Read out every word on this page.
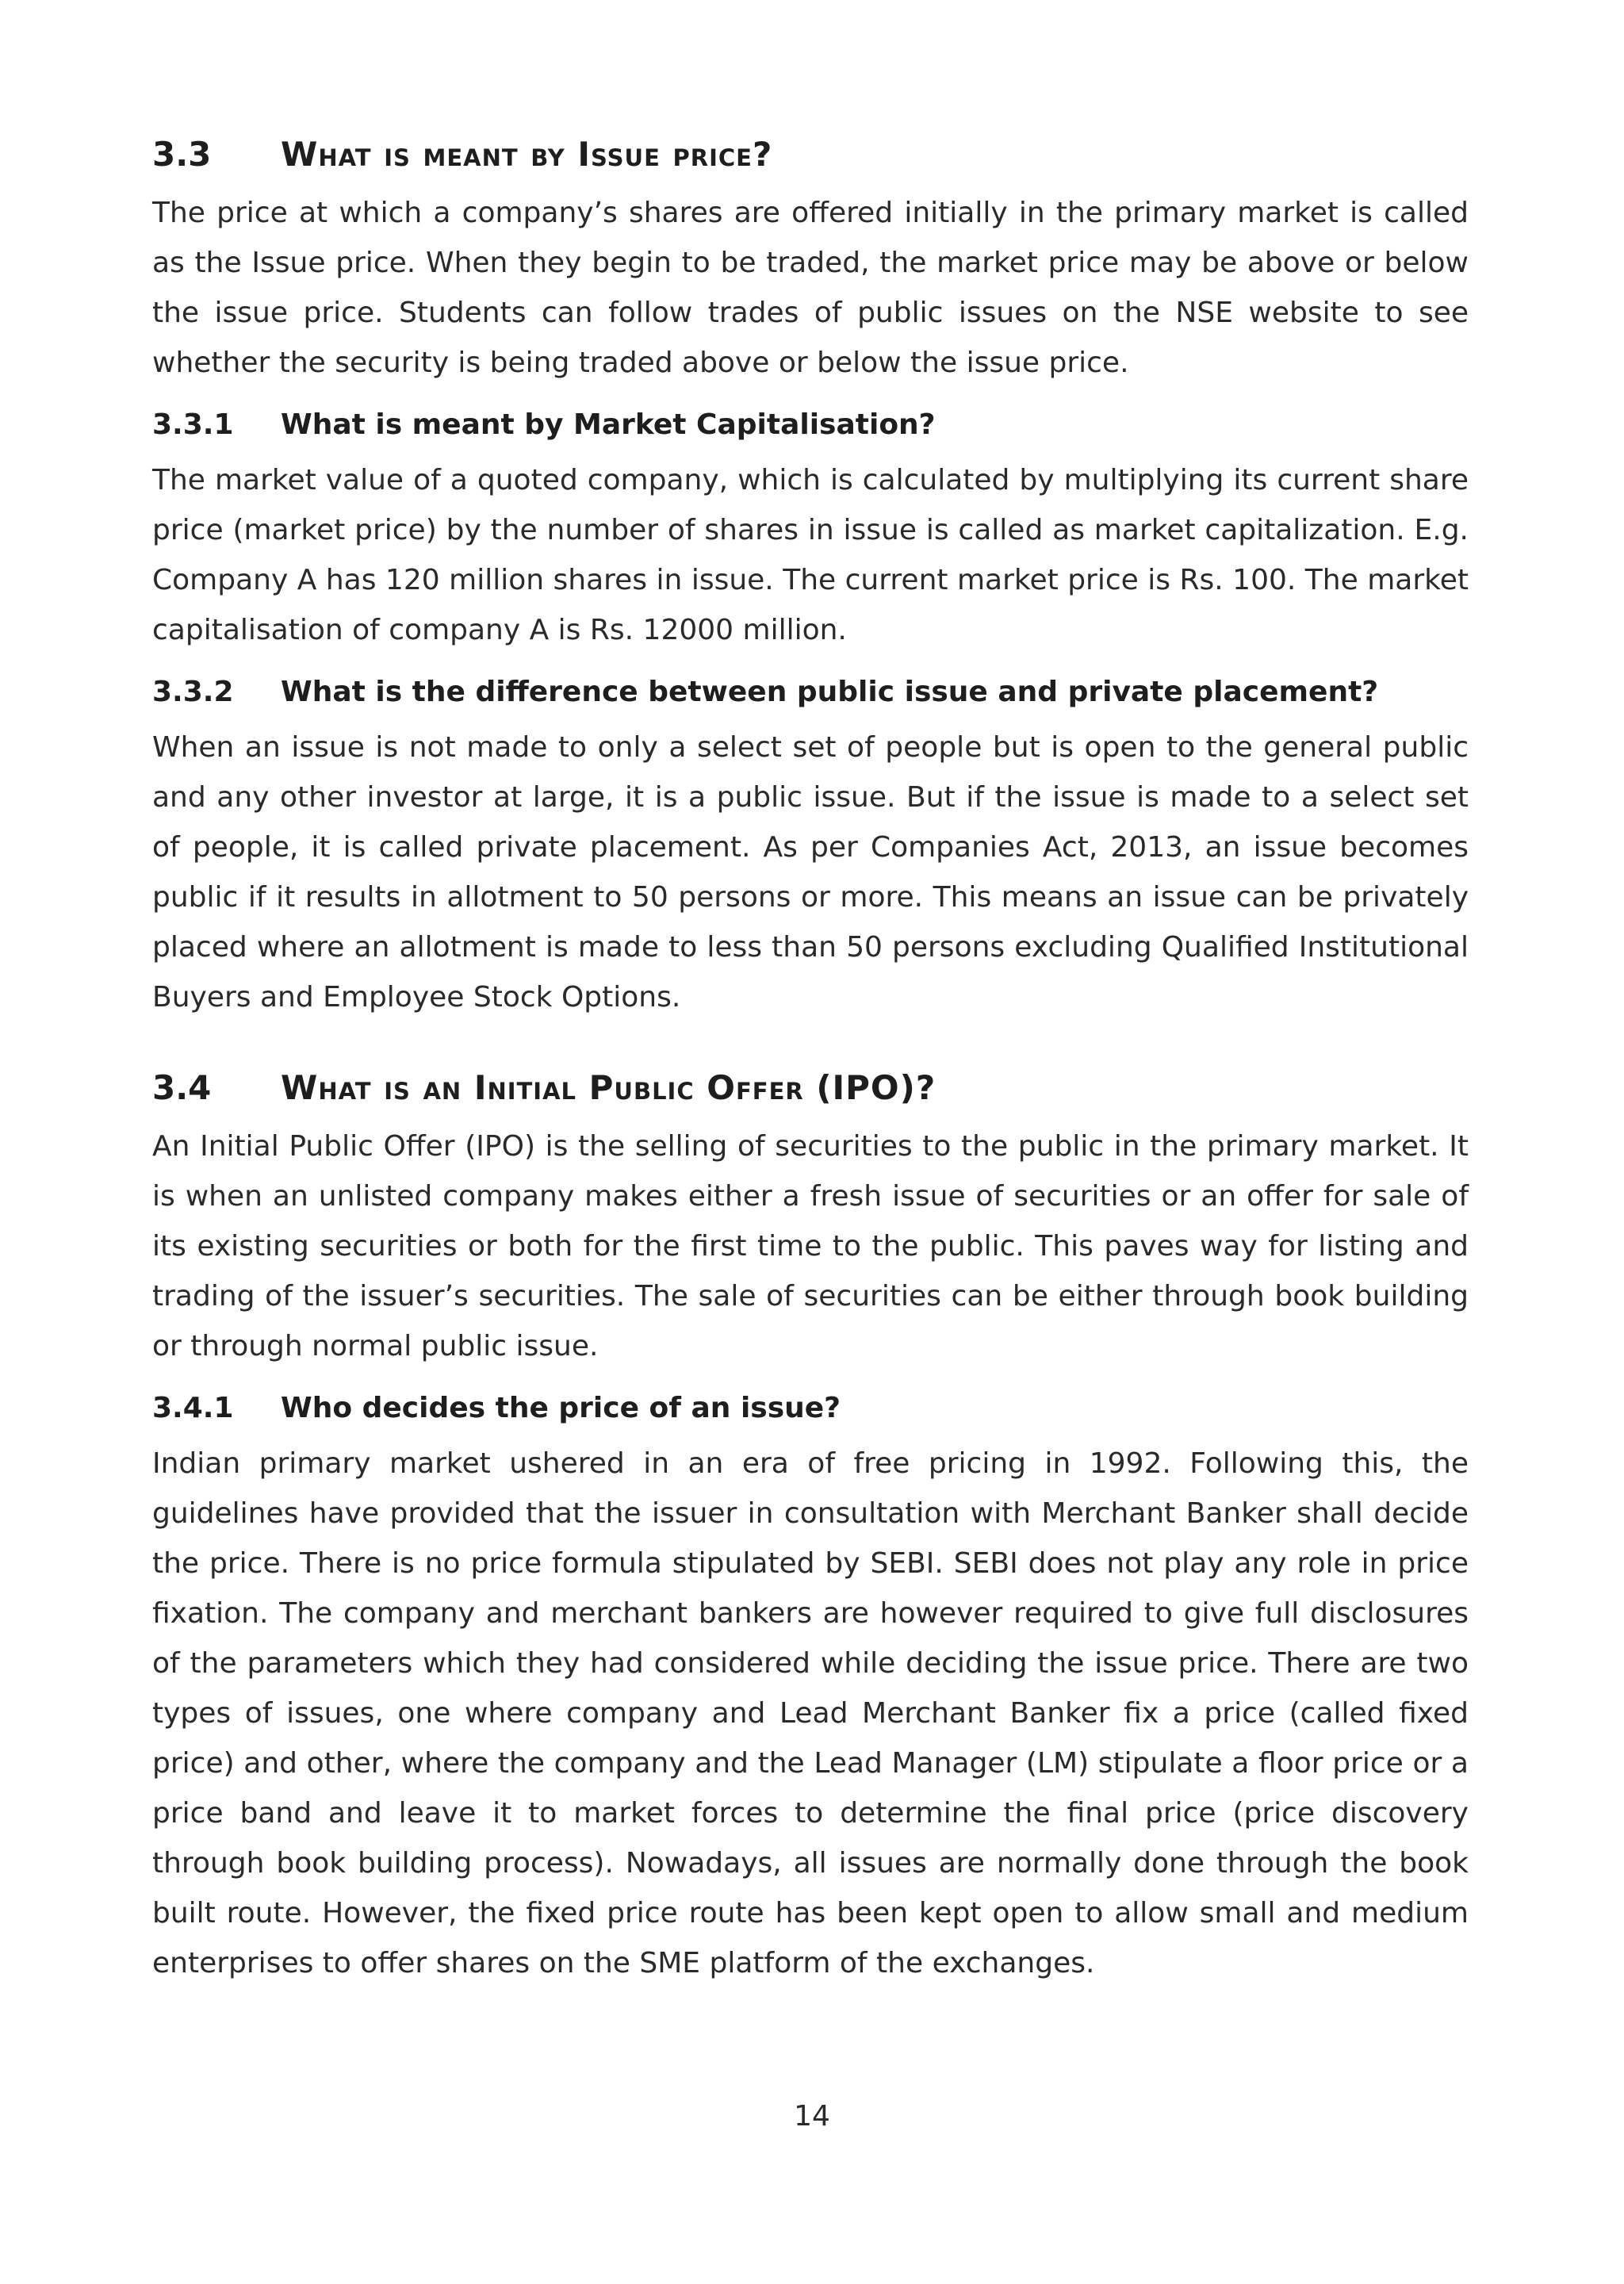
3.3	What is meant by Issue price?

The price at which a company’s shares are offered initially in the primary market is called as the Issue price. When they begin to be traded, the market price may be above or below the issue price. Students can follow trades of public issues on the NSE website to see whether the security is being traded above or below the issue price.

3.3.1	What is meant by Market Capitalisation?

The market value of a quoted company, which is calculated by multiplying its current share price (market price) by the number of shares in issue is called as market capitalization. E.g. Company A has 120 million shares in issue. The current market price is Rs. 100. The market capitalisation of company A is Rs. 12000 million.

3.3.2	What is the difference between public issue and private placement?

When an issue is not made to only a select set of people but is open to the general public and any other investor at large, it is a public issue. But if the issue is made to a select set of people, it is called private placement. As per Companies Act, 2013, an issue becomes public if it results in allotment to 50 persons or more. This means an issue can be privately placed where an allotment is made to less than 50 persons excluding Qualified Institutional Buyers and Employee Stock Options.

3.4	What is an Initial Public Offer (IPO)?

An Initial Public Offer (IPO) is the selling of securities to the public in the primary market. It is when an unlisted company makes either a fresh issue of securities or an offer for sale of its existing securities or both for the first time to the public. This paves way for listing and trading of the issuer’s securities. The sale of securities can be either through book building or through normal public issue.

3.4.1	Who decides the price of an issue?

Indian primary market ushered in an era of free pricing in 1992. Following this, the guidelines have provided that the issuer in consultation with Merchant Banker shall decide the price. There is no price formula stipulated by SEBI. SEBI does not play any role in price fixation. The company and merchant bankers are however required to give full disclosures of the parameters which they had considered while deciding the issue price. There are two types of issues, one where company and Lead Merchant Banker fix a price (called fixed price) and other, where the company and the Lead Manager (LM) stipulate a floor price or a price band and leave it to market forces to determine the final price (price discovery through book building process). Nowadays, all issues are normally done through the book built route. However, the fixed price route has been kept open to allow small and medium enterprises to offer shares on the SME platform of the exchanges.

14
